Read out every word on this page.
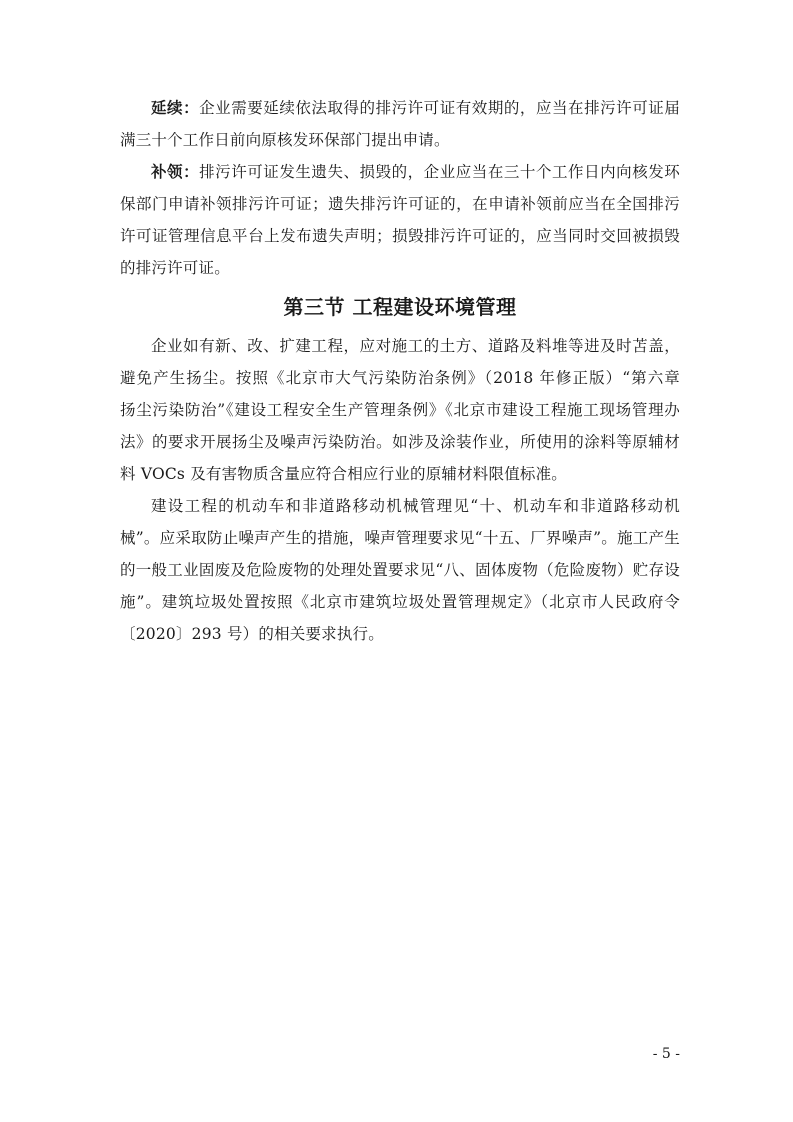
延续：企业需要延续依法取得的排污许可证有效期的，应当在排污许可证届满三十个工作日前向原核发环保部门提出申请。

补领：排污许可证发生遗失、损毁的，企业应当在三十个工作日内向核发环保部门申请补领排污许可证；遗失排污许可证的，在申请补领前应当在全国排污许可证管理信息平台上发布遗失声明；损毁排污许可证的，应当同时交回被损毁的排污许可证。

第三节 工程建设环境管理

企业如有新、改、扩建工程，应对施工的土方、道路及料堆等进及时苫盖，避免产生扬尘。按照《北京市大气污染防治条例》（2018 年修正版）“第六章　扬尘污染防治”《建设工程安全生产管理条例》《北京市建设工程施工现场管理办法》的要求开展扬尘及噪声污染防治。如涉及涂装作业，所使用的涂料等原辅材料 VOCs 及有害物质含量应符合相应行业的原辅材料限值标准。

建设工程的机动车和非道路移动机械管理见“十、机动车和非道路移动机械”。应采取防止噪声产生的措施，噪声管理要求见“十五、厂界噪声”。施工产生的一般工业固废及危险废物的处理处置要求见“八、固体废物（危险废物）贮存设施”。建筑垃圾处置按照《北京市建筑垃圾处置管理规定》（北京市人民政府令〔2020〕293 号）的相关要求执行。

- 5 -
